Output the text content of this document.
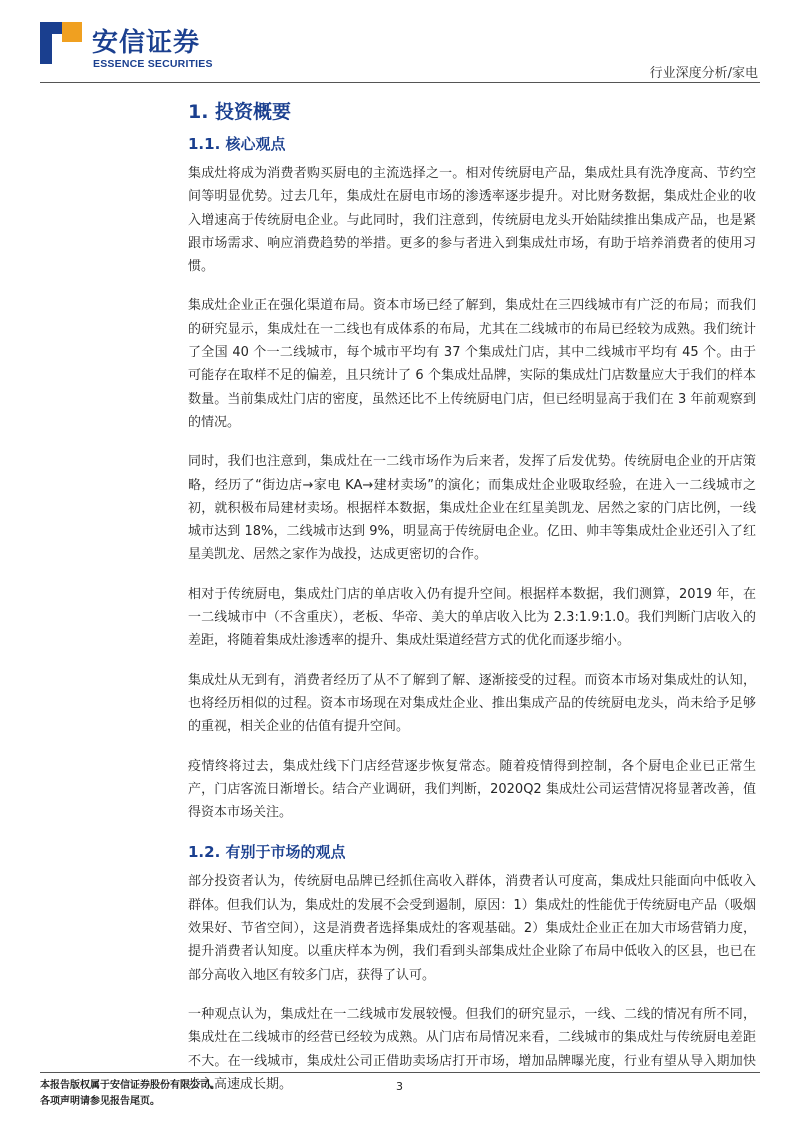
安信证券
ESSENCE SECURITIES
行业深度分析/家电
1. 投资概要
1.1. 核心观点

集成灶将成为消费者购买厨电的主流选择之一。相对传统厨电产品，集成灶具有洗净度高、节约空间等明显优势。过去几年，集成灶在厨电市场的渗透率逐步提升。对比财务数据，集成灶企业的收入增速高于传统厨电企业。与此同时，我们注意到，传统厨电龙头开始陆续推出集成产品，也是紧跟市场需求、响应消费趋势的举措。更多的参与者进入到集成灶市场，有助于培养消费者的使用习惯。

集成灶企业正在强化渠道布局。资本市场已经了解到，集成灶在三四线城市有广泛的布局；而我们的研究显示，集成灶在一二线也有成体系的布局，尤其在二线城市的布局已经较为成熟。我们统计了全国 40 个一二线城市，每个城市平均有 37 个集成灶门店，其中二线城市平均有 45 个。由于可能存在取样不足的偏差，且只统计了 6 个集成灶品牌，实际的集成灶门店数量应大于我们的样本数量。当前集成灶门店的密度，虽然还比不上传统厨电门店，但已经明显高于我们在 3 年前观察到的情况。

同时，我们也注意到，集成灶在一二线市场作为后来者，发挥了后发优势。传统厨电企业的开店策略，经历了“街边店→家电 KA→建材卖场”的演化；而集成灶企业吸取经验，在进入一二线城市之初，就积极布局建材卖场。根据样本数据，集成灶企业在红星美凯龙、居然之家的门店比例，一线城市达到 18%，二线城市达到 9%，明显高于传统厨电企业。亿田、帅丰等集成灶企业还引入了红星美凯龙、居然之家作为战投，达成更密切的合作。

相对于传统厨电，集成灶门店的单店收入仍有提升空间。根据样本数据，我们测算，2019 年，在一二线城市中（不含重庆），老板、华帝、美大的单店收入比为 2.3:1.9:1.0。我们判断门店收入的差距，将随着集成灶渗透率的提升、集成灶渠道经营方式的优化而逐步缩小。

集成灶从无到有，消费者经历了从不了解到了解、逐渐接受的过程。而资本市场对集成灶的认知，也将经历相似的过程。资本市场现在对集成灶企业、推出集成产品的传统厨电龙头，尚未给予足够的重视，相关企业的估值有提升空间。

疫情终将过去，集成灶线下门店经营逐步恢复常态。随着疫情得到控制，各个厨电企业已正常生产，门店客流日渐增长。结合产业调研，我们判断，2020Q2 集成灶公司运营情况将显著改善，值得资本市场关注。

1.2. 有别于市场的观点

部分投资者认为，传统厨电品牌已经抓住高收入群体，消费者认可度高，集成灶只能面向中低收入群体。但我们认为，集成灶的发展不会受到遏制，原因：1）集成灶的性能优于传统厨电产品（吸烟效果好、节省空间），这是消费者选择集成灶的客观基础。2）集成灶企业正在加大市场营销力度，提升消费者认知度。以重庆样本为例，我们看到头部集成灶企业除了布局中低收入的区县，也已在部分高收入地区有较多门店，获得了认可。

一种观点认为，集成灶在一二线城市发展较慢。但我们的研究显示，一线、二线的情况有所不同，集成灶在二线城市的经营已经较为成熟。从门店布局情况来看，二线城市的集成灶与传统厨电差距不大。在一线城市，集成灶公司正借助卖场店打开市场，增加品牌曝光度，行业有望从导入期加快步入高速成长期。

本报告版权属于安信证券股份有限公司。
各项声明请参见报告尾页。
3
